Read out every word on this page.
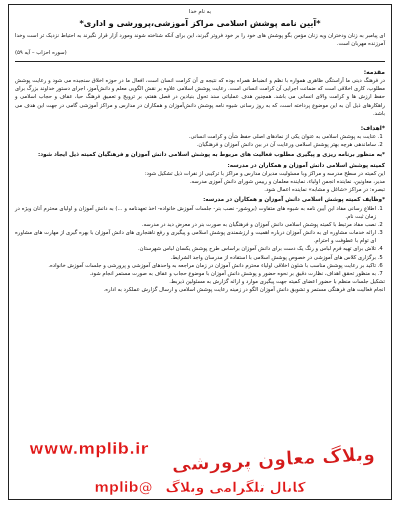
به نام خدا
*آیین نامه پوشش اسلامی مراکز آموزشی،پرورشی و اداری*

ای پیامبر به زنان ودختران ویه زنان مؤمن بگو پوشش های خود را بر خود فروتر گیرند، این برای آنکه شناخته شوند ومورد آزار قرار نگیرند به احتیاط نزدیک تر است وخدا آمرزنده مهربان است.

(سوره احزاب – آیه ۵۹)
مقدمه:

در فرهنگ دینی ما آراستگی ظاهری همواره با نظم و انضباط همراه بوده که نتیجه ی آن کرامت انسان است، افعال ما در حوزه اخلاق سنجیده می شود و رعایت پوشش مطلوب، کاری اخلاقی است که ضمانت اجرایی آن کرامت انسانی است. رعایت پوشش اسلامی علاوه بر نقش الگویی معلم و دانش‌آموز، اجرای دستور خداوند بزرگ برای حفظ ارزش ها و کرامت والای انسانی می باشد. همچنین هدف عملیاتی سند تحول بنیادین در فصل هفتم، بر ترویج و تعمیق فرهنگ حیا، عفاف و حجاب اسلامی و راهکارهای ذیل آن به این موضوع پرداخته است، که به روز رسانی شیوه نامه پوشش دانش‌آموزان و همکاران در مدارس و مراکز آموزشی گامی در جهت این هدف می باشد.

*اهداف:
1. عنایت به پوشش اسلامی به عنوان یکی از نمادهای اصلی حفظ شأن و کرامت انسانی.
2. ساماندهی هرچه بهتر پوشش اسلامی ورعایت آن در بین دانش آموزان و فرهنگیان.
*به منظور برنامه ریزی و پیگیری مطلوب فعالیت های مربوط به پوشش اسلامی دانش آموزان و فرهنگیان کمیته ذیل ایجاد شود:
کمیته پوشش اسلامی دانش آموزان و همکاران در مدرسه:

این کمیته در سطح مدرسه و مراکز وبا مسئولیت مدیران مدارس و مراکز با ترکیبی از نفرات ذیل تشکیل شود:

مدیر، معاونین، نماینده انجمن اولیاء، نماینده معلمان و رییس شورای دانش آموزی مدرسه.

تبصره: در مراکز «شاغل و مشابه» نماینده اعمال شود.

*وظایف کمیته پوشش اسلامی دانش آموزان و همکاران در مدرسه:
1. اطلاع رسانی مفاد این آیین نامه به شیوه های متفاوت (بروشور- نصب بنر- جلسات آموزش خانواده- اخذ تعهدنامه و ...) به دانش آموزان و اولیای محترم آنان ویژه در زمان ثبت نام.
2. نصب مفاد مرتبط با کمیته پوشش اسلامی دانش آموزان و فرهنگیان به صورت بنر در معرض دید در مدرسه.
3. ارائه خدمات مشاوره ای به دانش آموزان درباره اهمیت و ارزشمندی پوشش اسلامی و پیگیری و رفع ناهنجاری های دانش آموزان با بهره گیری از مهارت های مشاوره ای توام با عطوفت و احترام.
4. تلاش برای تهیه فرم لباس و رنگ یک دست برای دانش آموزان براساس طرح پوشش یکسان لباس شهرستان.
5. برگزاری کلاس های آموزشی در خصوص پوشش اسلامی با استفاده از مدرسان واجد الشرایط.
6. تاکید بر رعایت پوشش مناسب با شئون اخلاقی اولیاء محترم دانش آموزان در زمان مراجعه به واحدهای آموزشی و پرورشی و جلسات آموزش خانواده.
7. به منظور تحقق اهداف، نظارت دقیق بر نحوه حضور و پوشش دانش آموزان با موضوع حجاب و عفاف به صورت مستمر انجام شود.

تشکیل جلسات منظم با حضور اعضای کمیته جهت پیگیری موارد و ارائه گزارش به مسئولین ذیربط.

انجام فعالیت های فرهنگی مستمر و تشویق دانش آموزان الگو در زمینه رعایت پوشش اسلامی و ارسال گزارش عملکرد به اداره.

وبلاگ معاون پرورشی
www.mplib.ir
کانال تلگرامی وبلاگ @mplib
